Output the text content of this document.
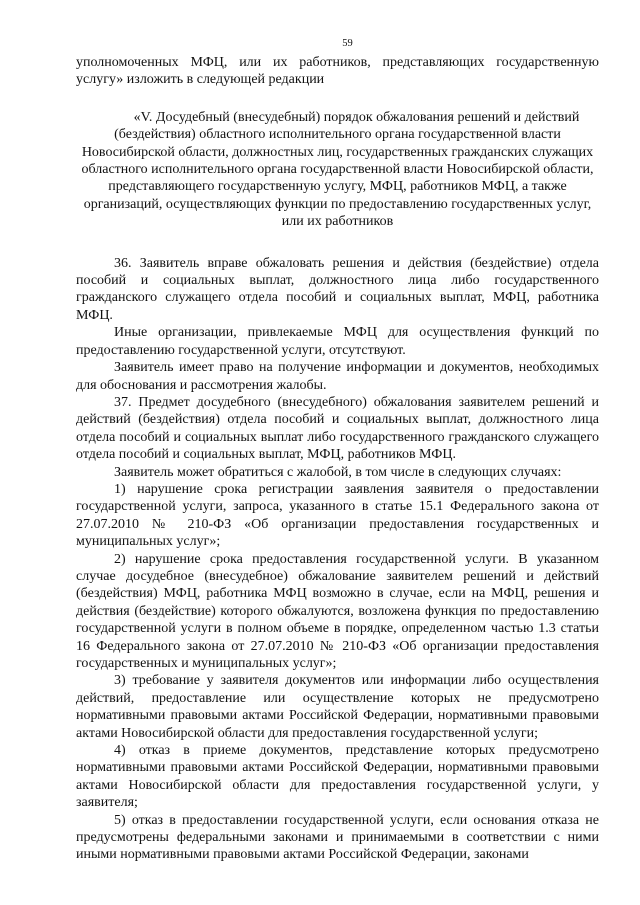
59

уполномоченных МФЦ, или их работников, представляющих государственную услугу» изложить в следующей редакции

«V. Досудебный (внесудебный) порядок обжалования решений и действий (бездействия) областного исполнительного органа государственной власти Новосибирской области, должностных лиц, государственных гражданских служащих областного исполнительного органа государственной власти Новосибирской области, представляющего государственную услугу, МФЦ, работников МФЦ, а также организаций, осуществляющих функции по предоставлению государственных услуг, или их работников

36. Заявитель вправе обжаловать решения и действия (бездействие) отдела пособий и социальных выплат, должностного лица либо государственного гражданского служащего отдела пособий и социальных выплат, МФЦ, работника МФЦ.

Иные организации, привлекаемые МФЦ для осуществления функций по предоставлению государственной услуги, отсутствуют.

Заявитель имеет право на получение информации и документов, необходимых для обоснования и рассмотрения жалобы.

37. Предмет досудебного (внесудебного) обжалования заявителем решений и действий (бездействия) отдела пособий и социальных выплат, должностного лица отдела пособий и социальных выплат либо государственного гражданского служащего отдела пособий и социальных выплат, МФЦ, работников МФЦ.

Заявитель может обратиться с жалобой, в том числе в следующих случаях:

1) нарушение срока регистрации заявления заявителя о предоставлении государственной услуги, запроса, указанного в статье 15.1 Федерального закона от 27.07.2010 № 210-ФЗ «Об организации предоставления государственных и муниципальных услуг»;

2) нарушение срока предоставления государственной услуги. В указанном случае досудебное (внесудебное) обжалование заявителем решений и действий (бездействия) МФЦ, работника МФЦ возможно в случае, если на МФЦ, решения и действия (бездействие) которого обжалуются, возложена функция по предоставлению государственной услуги в полном объеме в порядке, определенном частью 1.3 статьи 16 Федерального закона от 27.07.2010 № 210-ФЗ «Об организации предоставления государственных и муниципальных услуг»;

3) требование у заявителя документов или информации либо осуществления действий, предоставление или осуществление которых не предусмотрено нормативными правовыми актами Российской Федерации, нормативными правовыми актами Новосибирской области для предоставления государственной услуги;

4) отказ в приеме документов, представление которых предусмотрено нормативными правовыми актами Российской Федерации, нормативными правовыми актами Новосибирской области для предоставления государственной услуги, у заявителя;

5) отказ в предоставлении государственной услуги, если основания отказа не предусмотрены федеральными законами и принимаемыми в соответствии с ними иными нормативными правовыми актами Российской Федерации, законами
